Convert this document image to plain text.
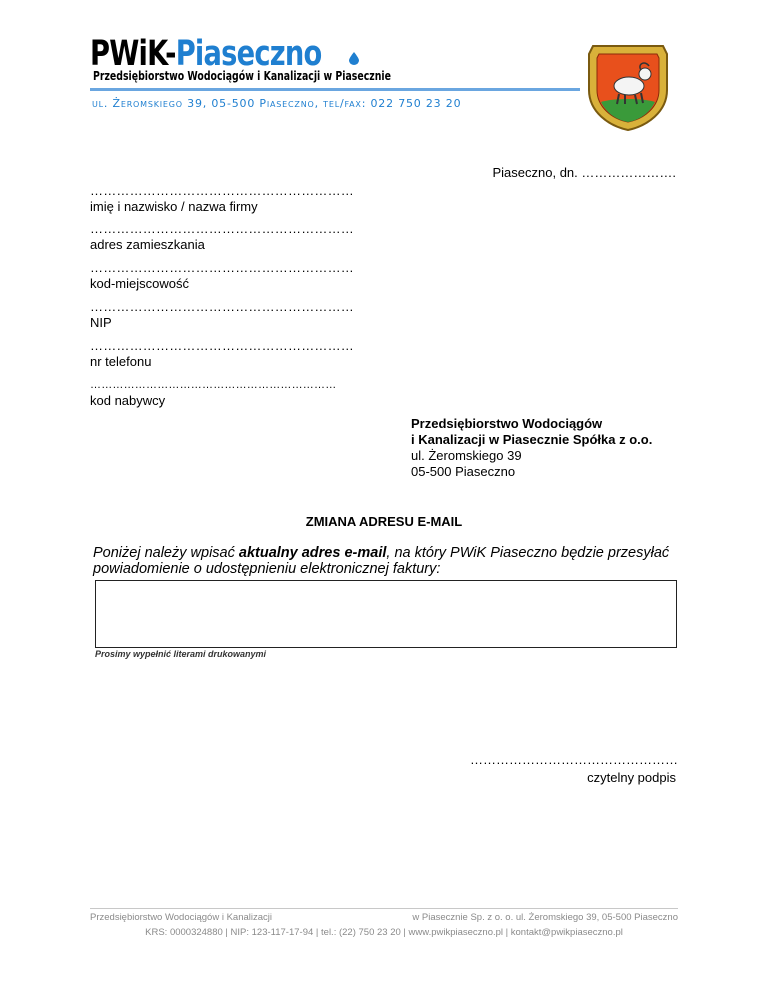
PWiK-Piaseczno
Przedsiębiorstwo Wodociągów i Kanalizacji w Piasecznie
ul. Żeromskiego 39, 05-500 Piaseczno, tel/fax: 022 750 23 20
Piaseczno, dn. ………………….
……………………………………………………
imię i nazwisko / nazwa firmy
……………………………………………………
adres zamieszkania
……………………………………………………
kod-miejscowość
……………………………………………………
NIP
……………………………………………………
nr telefonu
…………………………………………………………
kod nabywcy
Przedsiębiorstwo Wodociągów
i Kanalizacji w Piasecznie Spółka z o.o.
ul. Żeromskiego 39
05-500 Piaseczno
ZMIANA ADRESU E-MAIL
Poniżej należy wpisać aktualny adres e-mail, na który PWiK Piaseczno będzie przesyłać powiadomienie o udostępnieniu elektronicznej faktury:
Prosimy wypełnić literami drukowanymi
…………………………………………
czytelny podpis
Przedsiębiorstwo Wodociągów i Kanalizacji	w Piasecznie Sp. z o. o. ul. Żeromskiego 39, 05-500 Piaseczno
KRS: 0000324880 | NIP: 123-117-17-94 | tel.: (22) 750 23 20 | www.pwikpiaseczno.pl | kontakt@pwikpiaseczno.pl
